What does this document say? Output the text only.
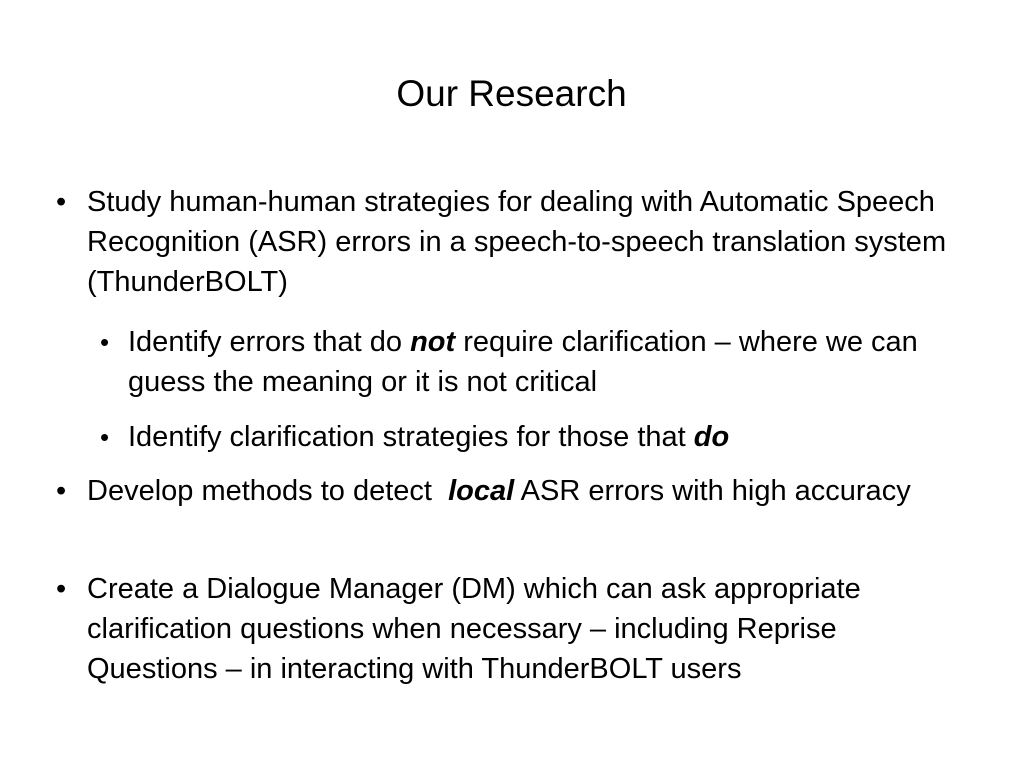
Our Research
• Study human-human strategies for dealing with Automatic Speech Recognition (ASR) errors in a speech-to-speech translation system (ThunderBOLT)
• Identify errors that do not require clarification – where we can guess the meaning or it is not critical
• Identify clarification strategies for those that do
• Develop methods to detect  local ASR errors with high accuracy
• Create a Dialogue Manager (DM) which can ask appropriate clarification questions when necessary – including Reprise Questions – in interacting with ThunderBOLT users
